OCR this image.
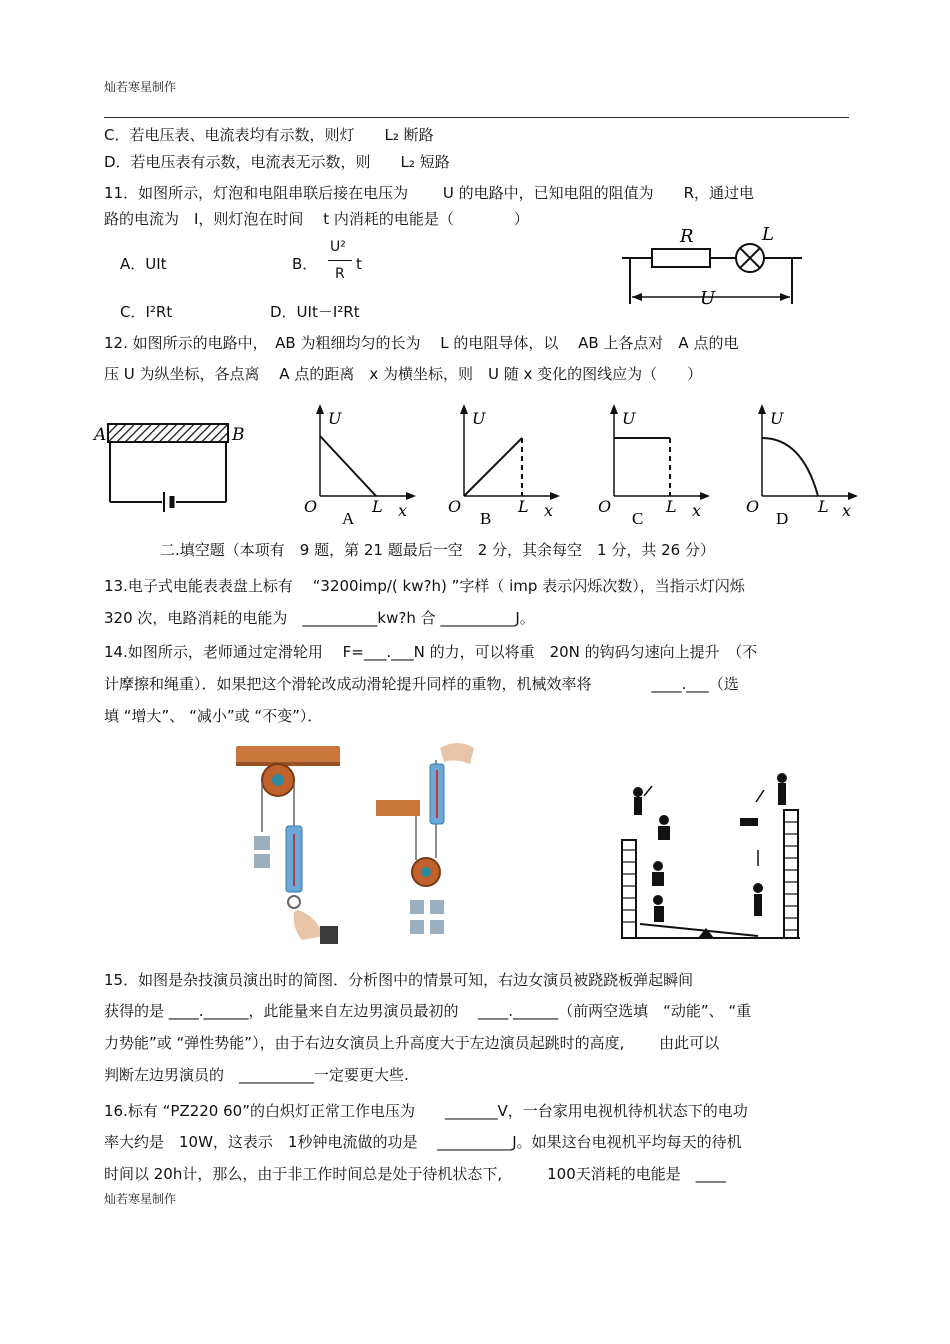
灿若寒星制作
C．若电压表、电流表均有示数，则灯　　L₂ 断路
D．若电压表有示数，电流表无示数，则　　L₂ 短路
11．如图所示，灯泡和电阻串联后接在电压为　　 U 的电路中，已知电阻的阻值为　　R，通过电
路的电流为　I，则灯泡在时间　 t 内消耗的电能是（　　　　）
A．UIt	B．
U²
R
t
C．I²Rt	D．UIt－I²Rt
R	L
U
12. 如图所示的电路中，　AB 为粗细均匀的长为　 L 的电阻导体，以　 AB 上各点对　A 点的电
压 U 为纵坐标，各点离　 A 点的距离　x 为横坐标，则　U 随 x 变化的图线应为（　　）
A	B
U
O	L x
A
U
O	L x
B
U
O	L x
C
U
O	L x
D
二.填空题（本项有　9 题，第 21 题最后一空　2 分，其余每空　1 分，共 26 分）
13.电子式电能表表盘上标有　 “3200imp/( kw?h) ”字样（ imp 表示闪烁次数），当指示灯闪烁
320 次，电路消耗的电能为　__________kw?h 合 __________J。
14.如图所示，老师通过定滑轮用　 F=___.___N 的力，可以将重　20N 的钩码匀速向上提升　（不
计摩擦和绳重）．如果把这个滑轮改成动滑轮提升同样的重物，机械效率将　　　　____.___（选
填 “增大”、 “减小”或 “不变”）．
15．如图是杂技演员演出时的简图．分析图中的情景可知，右边女演员被跷跷板弹起瞬间
获得的是 ____.______，此能量来自左边男演员最初的　 ____.______（前两空选填　“动能”、 “重
力势能”或 “弹性势能”），由于右边女演员上升高度大于左边演员起跳时的高度,　　 由此可以
判断左边男演员的　__________一定要更大些.
16.标有 “PZ220 60”的白炽灯正常工作电压为　　_______V，一台家用电视机待机状态下的电功
率大约是　10W，这表示　1秒钟电流做的功是　 __________J。如果这台电视机平均每天的待机
时间以 20h计，那么，由于非工作时间总是处于待机状态下,　　　100天消耗的电能是　____
灿若寒星制作
